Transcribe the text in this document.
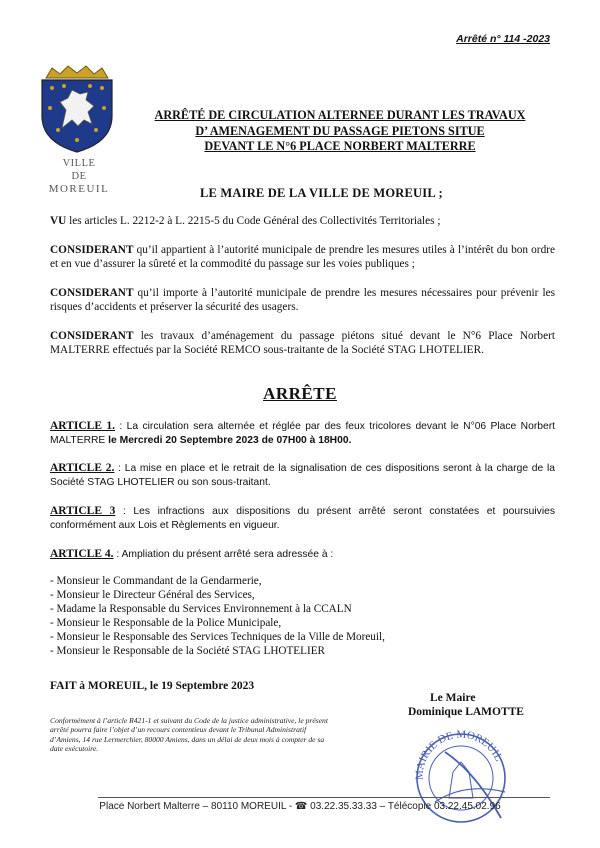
Arrêté n° 114 -2023
VILLE
DE
MOREUIL
ARRÊTÉ DE CIRCULATION ALTERNEE DURANT LES TRAVAUX
D’ AMENAGEMENT DU PASSAGE PIETONS SITUE
DEVANT LE N°6 PLACE NORBERT MALTERRE
LE MAIRE DE LA VILLE DE MOREUIL ;
VU les articles L. 2212-2 à L. 2215-5 du Code Général des Collectivités Territoriales ;
CONSIDERANT qu’il appartient à l’autorité municipale de prendre les mesures utiles à l’intérêt du bon ordre et en vue d’assurer la sûreté et la commodité du passage sur les voies publiques ;
CONSIDERANT qu’il importe à l’autorité municipale de prendre les mesures nécessaires pour prévenir les risques d’accidents et préserver la sécurité des usagers.
CONSIDERANT les travaux d’aménagement du passage piétons situé devant le N°6 Place Norbert MALTERRE effectués par la Société REMCO sous-traitante de la Société STAG LHOTELIER.
ARRÊTE
ARTICLE 1. : La circulation sera alternée et réglée par des feux tricolores devant le N°06 Place Norbert MALTERRE le Mercredi 20 Septembre 2023 de 07H00 à 18H00.
ARTICLE 2. : La mise en place et le retrait de la signalisation de ces dispositions seront à la charge de la Société STAG LHOTELIER ou son sous-traitant.
ARTICLE 3 : Les infractions aux dispositions du présent arrêté seront constatées et poursuivies conformément aux Lois et Règlements en vigueur.
ARTICLE 4. : Ampliation du présent arrêté sera adressée à :
- Monsieur le Commandant de la Gendarmerie,
- Monsieur le Directeur Général des Services,
- Madame la Responsable du Services Environnement à la CCALN
- Monsieur le Responsable de la Police Municipale,
- Monsieur le Responsable des Services Techniques de la Ville de Moreuil,
- Monsieur le Responsable de la Société STAG LHOTELIER
FAIT à MOREUIL, le 19 Septembre 2023
Le Maire
Dominique LAMOTTE
Conformément à l’article R421-1 et suivant du Code de la justice administrative, le présent arrêté pourra faire l’objet d’un recours contentieux devant le Tribunal Administratif d’Amiens, 14 rue Lermerchier, 80000 Amiens, dans un délai de deux mois à compter de sa date exécutoire.
MAIRIE DE MOREUIL
Place Norbert Malterre – 80110 MOREUIL - ☎ 03.22.35.33.33 – Télécopie 03.22.45.02.96
